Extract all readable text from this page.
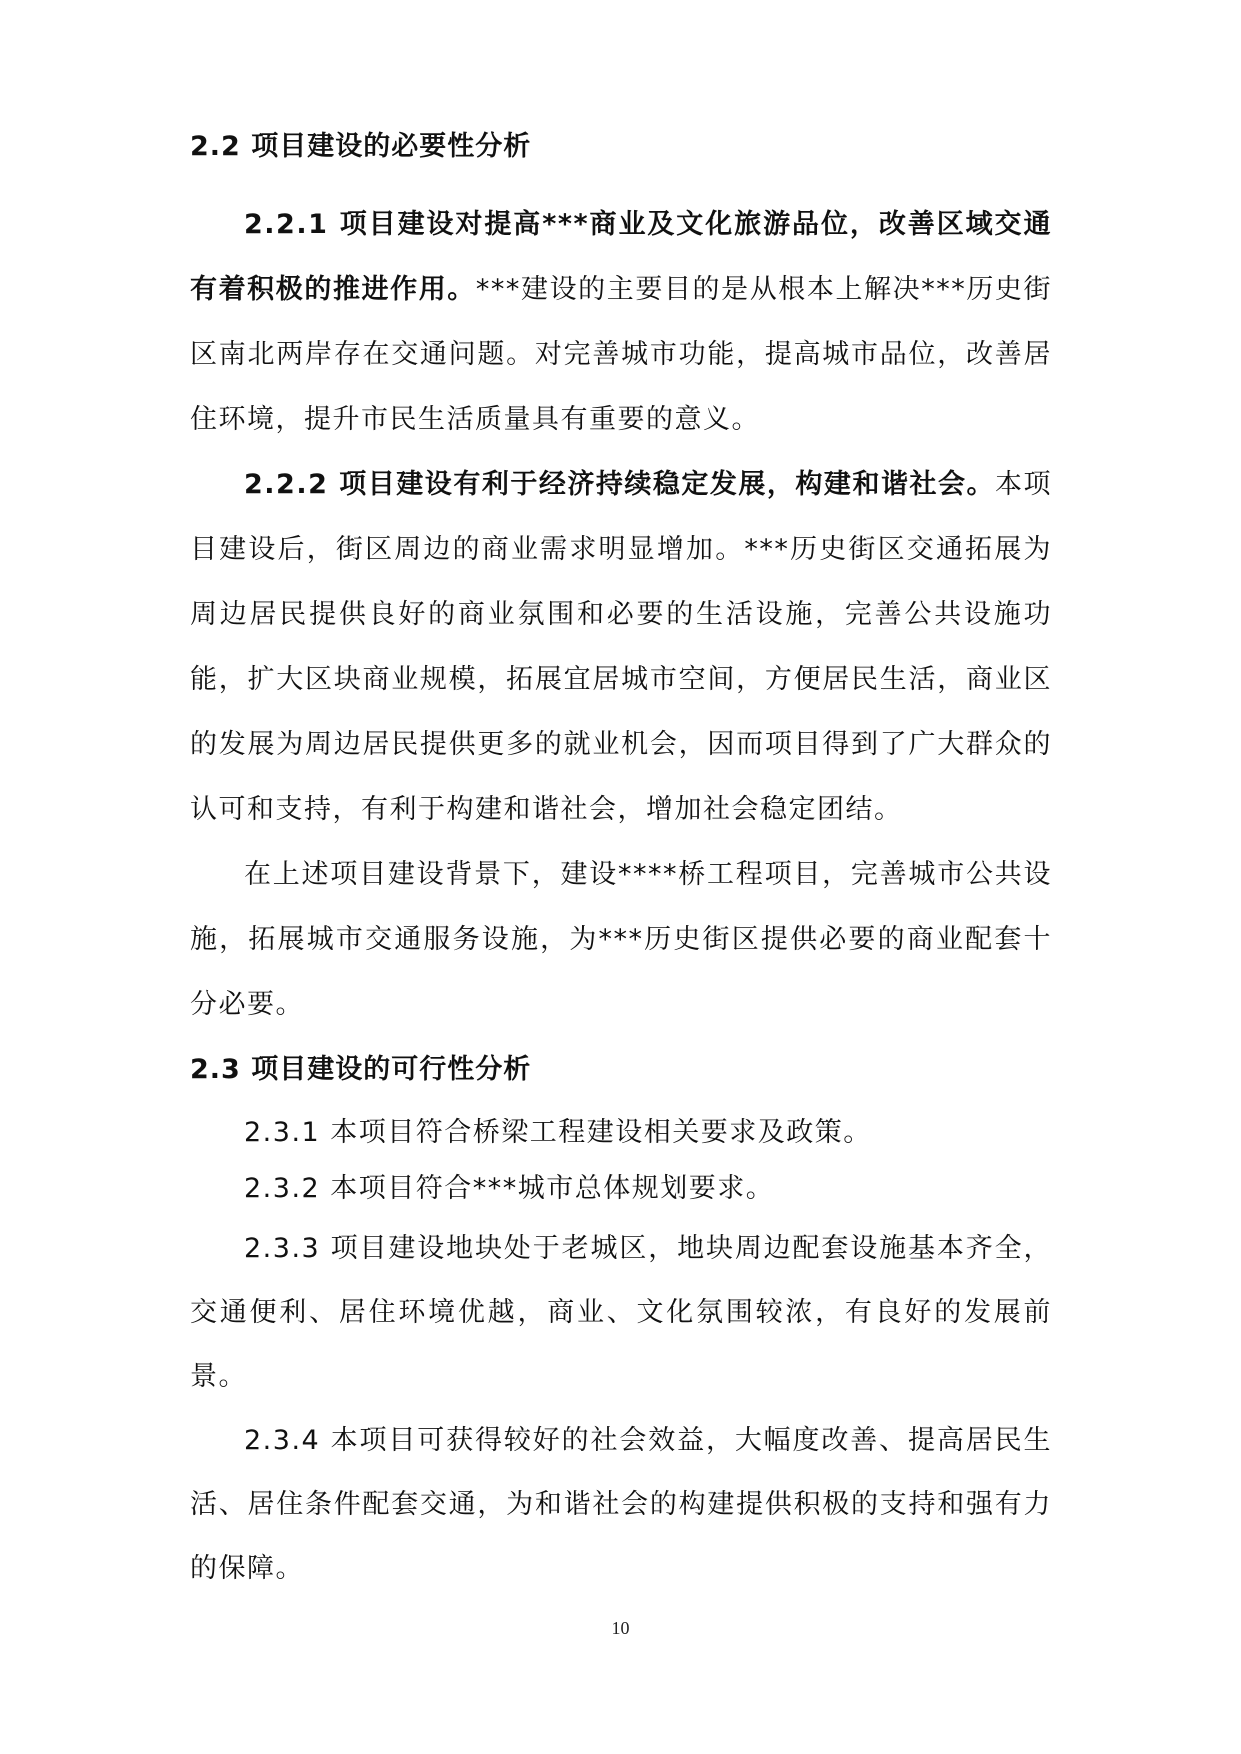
2.2 项目建设的必要性分析

2.2.1 项目建设对提高***商业及文化旅游品位，改善区域交通有着积极的推进作用。***建设的主要目的是从根本上解决***历史街区南北两岸存在交通问题。对完善城市功能，提高城市品位，改善居住环境，提升市民生活质量具有重要的意义。

2.2.2 项目建设有利于经济持续稳定发展，构建和谐社会。本项目建设后，街区周边的商业需求明显增加。***历史街区交通拓展为周边居民提供良好的商业氛围和必要的生活设施，完善公共设施功能，扩大区块商业规模，拓展宜居城市空间，方便居民生活，商业区的发展为周边居民提供更多的就业机会，因而项目得到了广大群众的认可和支持，有利于构建和谐社会，增加社会稳定团结。

在上述项目建设背景下，建设****桥工程项目，完善城市公共设施，拓展城市交通服务设施，为***历史街区提供必要的商业配套十分必要。

2.3 项目建设的可行性分析

2.3.1 本项目符合桥梁工程建设相关要求及政策。

2.3.2 本项目符合***城市总体规划要求。

2.3.3 项目建设地块处于老城区，地块周边配套设施基本齐全，交通便利、居住环境优越，商业、文化氛围较浓，有良好的发展前景。

2.3.4 本项目可获得较好的社会效益，大幅度改善、提高居民生活、居住条件配套交通，为和谐社会的构建提供积极的支持和强有力的保障。

10
